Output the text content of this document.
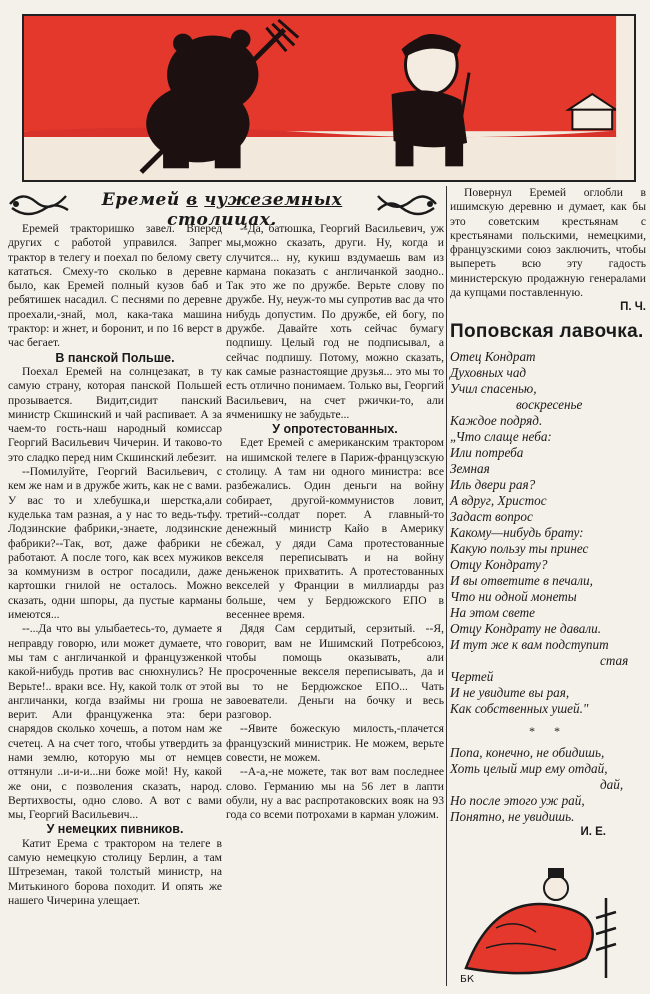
Еремей в чужеземных столицах.

Еремей тракторишко завел. Вперед других с работой управился. Запрег трактор в телегу и поехал по белому свету кататься. Смеху-то сколько в деревне было, как Еремей полный кузов баб и ребятишек насадил. С песнями по деревне проехали,-знай, мол, кака-така машина трактор: и жнет, и боронит, и по 16 верст в час бегает.

В панской Польше.

Поехал Еремей на солнцезакат, в ту самую страну, которая панской Польшей прозывается. Видит,сидит панский министр Скшинский и чай распивает. А за чаем-то гость-наш народный комиссар Георгий Васильевич Чичерин. И таково-то это сладко перед ним Скшинский лебезит.

--Помилуйте, Георгий Васильевич, с кем же нам и в дружбе жить, как не с вами. У вас то и хлебушка,и шерстка,али куделька там разная, а у нас то ведь-тьфу. Лодзинские фабрики,-знаете, лодзинские фабрики?--Так, вот, даже фабрики не работают. А после того, как всех мужиков за коммунизм в острог посадили, даже картошки гнилой не осталось. Можно сказать, одни шпоры, да пустые карманы имеются...

--...Да что вы улыбаетесь-то, думаете я неправду говорю, или может думаете, что мы там с англичанкой и французженкой какой-нибудь против вас снюхнулись? Не Верьте!.. враки все. Ну, какой толк от этой англичанки, когда взаймы ни гроша не верит. Али француженка эта: бери снарядов сколько хочешь, а потом нам же счетец. А на счет того, чтобы утвердить за нами землю, которую мы от немцев оттянули ..и-и-и...ни боже мой! Ну, какой же они, с позволения сказать, народ. Вертихвосты, одно слово. А вот с вами мы, Георгий Васильевич...

У немецких пивников.

Катит Ерема с трактором на телеге в самую немецкую столицу Берлин, а там Штреземан, такой толстый министр, на Митькиного борова походит. И опять же нашего Чичерина улещает.

--Да, батюшка, Георгий Васильевич, уж мы,можно сказать, други. Ну, когда и случится... ну, кукиш вздумаешь вам из кармана показать с англичанкой заодно.. Так это же по дружбе. Верьте слову по дружбе. Ну, неуж-то мы супротив вас да что нибудь допустим. По дружбе, ей богу, по дружбе. Давайте хоть сейчас бумагу подпишу. Целый год не подписывал, а сейчас подпишу. Потому, можно сказать, как самые разнастоящие друзья... это мы то есть отлично понимаем. Только вы, Георгий Васильевич, на счет ржички-то, али ячменишку не забудьте...

У опротестованных.

Едет Еремей с американским трактором на ишимской телеге в Париж-французскую столицу. А там ни одного министра: все разбежались. Один деньги на войну собирает, другой-коммунистов ловит, третий--солдат порет. А главный-то денежный министр Кайо в Америку сбежал, у дяди Сама протестованные векселя переписывать и на войну деньженок прихватить. А протестованных векселей у Франции в миллиарды раз больше, чем у Бердюжского ЕПО в весеннее время.

Дядя Сам сердитый, серзитый. --Я, говорит, вам не Ишимский Потребсоюз, чтобы помощь оказывать, али просроченные векселя переписывать, да и вы то не Бердюжское ЕПО... Чать завоеватели. Деньги на бочку и весь разговор.

--Явите божескую милость,-плачется французский министрик. Не можем, верьте совести, не можем.

--А-а,-не можете, так вот вам последнее слово. Германию мы на 56 лет в лапти обули, ну а вас распротаковских вояк на 93 года со всеми потрохами в карман уложим.

Повернул Еремей оглобли в ишимскую деревню и думает, как бы это советским крестьянам с крестьянами польскими, немецкими, французскими союз заключить, чтобы выпереть всю эту гадость министерскую продажную генералами да купцами поставленную.

П. Ч.
Поповская лавочка.
Отец Кондрат
Духовных чад
Учил спасенью,
воскресенье
Каждое подряд.
„Что слаще неба:
Или потреба
Земная
Иль двери рая?
А вдруг, Христос
Задаст вопрос
Какому—нибудь брату:
Какую пользу ты принес
Отцу Кондрату?
И вы ответите в печали,
Что ни одной монеты
На этом свете
Отцу Кондрату не давали.
И тут же к вам подступит
стая
Чертей
И не увидите вы рая,
Как собственных ушей."
* *
Попа, конечно, не обидишь,
Хоть целый мир ему отдай,
дай,
Но после этого уж рай,
Понятно, не увидишь.
И. Е.
БК
